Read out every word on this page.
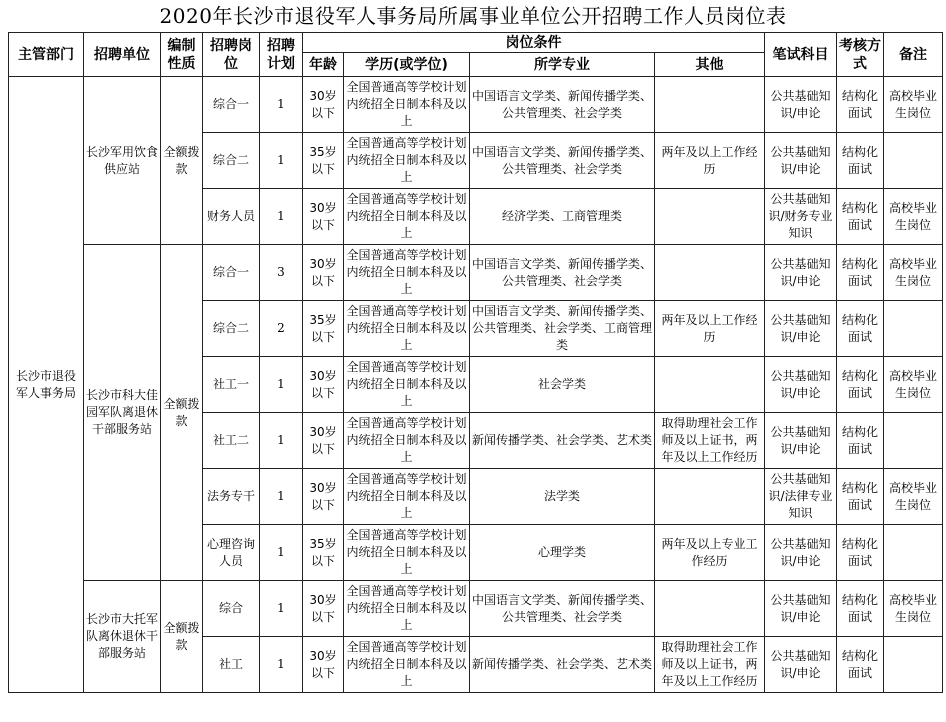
2020年长沙市退役军人事务局所属事业单位公开招聘工作人员岗位表
主管部门	招聘单位	编制性质	招聘岗位	招聘计划	岗位条件				笔试科目	考核方式	备注
					年龄	学历(或学位)	所学专业	其他			
长沙市退役军人事务局	长沙军用饮食供应站	全额拨款	综合一	1	30岁以下	全国普通高等学校计划内统招全日制本科及以上	中国语言文学类、新闻传播学类、公共管理类、社会学类		公共基础知识/申论	结构化面试	高校毕业生岗位
			综合二	1	35岁以下	全国普通高等学校计划内统招全日制本科及以上	中国语言文学类、新闻传播学类、公共管理类、社会学类	两年及以上工作经历	公共基础知识/申论	结构化面试	
			财务人员	1	30岁以下	全国普通高等学校计划内统招全日制本科及以上	经济学类、工商管理类		公共基础知识/财务专业知识	结构化面试	高校毕业生岗位
	长沙市科大佳园军队离退休干部服务站	全额拨款	综合一	3	30岁以下	全国普通高等学校计划内统招全日制本科及以上	中国语言文学类、新闻传播学类、公共管理类、社会学类		公共基础知识/申论	结构化面试	高校毕业生岗位
			综合二	2	35岁以下	全国普通高等学校计划内统招全日制本科及以上	中国语言文学类、新闻传播学类、公共管理类、社会学类、工商管理类	两年及以上工作经历	公共基础知识/申论	结构化面试	
			社工一	1	30岁以下	全国普通高等学校计划内统招全日制本科及以上	社会学类		公共基础知识/申论	结构化面试	高校毕业生岗位
			社工二	1	30岁以下	全国普通高等学校计划内统招全日制本科及以上	新闻传播学类、社会学类、艺术类	取得助理社会工作师及以上证书，两年及以上工作经历	公共基础知识/申论	结构化面试	
			法务专干	1	30岁以下	全国普通高等学校计划内统招全日制本科及以上	法学类		公共基础知识/法律专业知识	结构化面试	高校毕业生岗位
			心理咨询人员	1	35岁以下	全国普通高等学校计划内统招全日制本科及以上	心理学类	两年及以上专业工作经历	公共基础知识/申论	结构化面试	
	长沙市大托军队离休退休干部服务站	全额拨款	综合	1	30岁以下	全国普通高等学校计划内统招全日制本科及以上	中国语言文学类、新闻传播学类、公共管理类、社会学类		公共基础知识/申论	结构化面试	高校毕业生岗位
			社工	1	30岁以下	全国普通高等学校计划内统招全日制本科及以上	新闻传播学类、社会学类、艺术类	取得助理社会工作师及以上证书，两年及以上工作经历	公共基础知识/申论	结构化面试	
